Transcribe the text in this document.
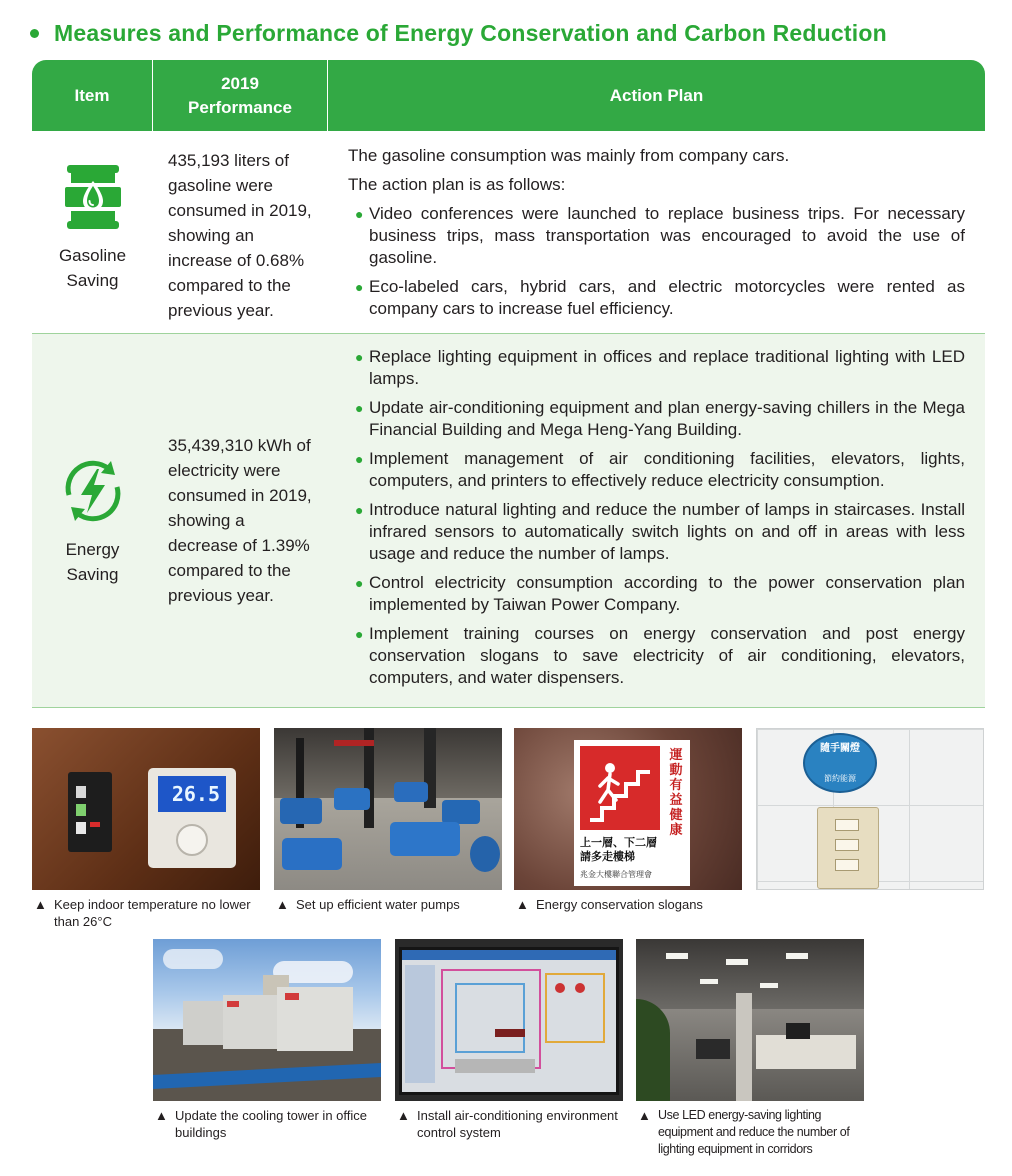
Measures and Performance of Energy Conservation and Carbon Reduction
Item
2019 Performance
Action Plan
Gasoline Saving
435,193 liters of gasoline were consumed in 2019, showing an increase of 0.68% compared to the previous year.

The gasoline consumption was mainly from company cars.

The action plan is as follows:

● Video conferences were launched to replace business trips. For necessary business trips, mass transportation was encouraged to avoid the use of gasoline.
● Eco-labeled cars, hybrid cars, and electric motorcycles were rented as company cars to increase fuel efficiency.
Energy Saving
35,439,310 kWh of electricity were consumed in 2019, showing a decrease of 1.39% compared to the previous year.
● Replace lighting equipment in offices and replace traditional lighting with LED lamps.
● Update air-conditioning equipment and plan energy-saving chillers in the Mega Financial Building and Mega Heng-Yang Building.
● Implement management of air conditioning facilities, elevators, lights, computers, and printers to effectively reduce electricity consumption.
● Introduce natural lighting and reduce the number of lamps in staircases. Install infrared sensors to automatically switch lights on and off in areas with less usage and reduce the number of lamps.
● Control electricity consumption according to the power conservation plan implemented by Taiwan Power Company.
● Implement training courses on energy conservation and post energy conservation slogans to save electricity of air conditioning, elevators, computers, and water dispensers.
26.5
▲ Keep indoor temperature no lower than 26°C
▲ Set up efficient water pumps
運動有益健康
上一層、下二層
請多走樓梯
兆金大樓聯合管理會
▲ Energy conservation slogans
隨手關燈
節約能源
▲ Update the cooling tower in office buildings
▲ Install air-conditioning environment control system
▲ Use LED energy-saving lighting equipment and reduce the number of lighting equipment in corridors
